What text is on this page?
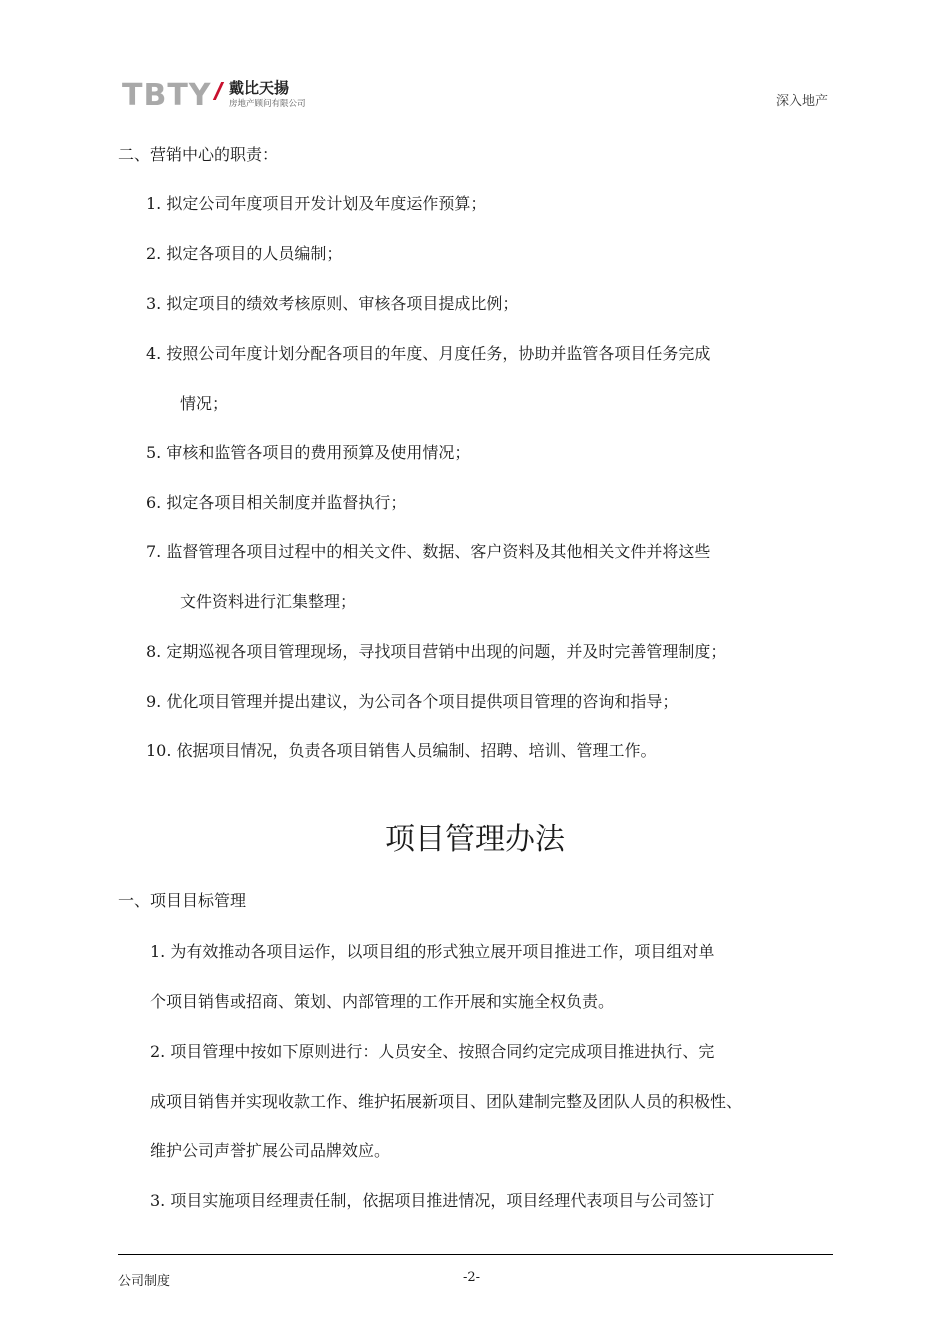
TBTY 戴比天揚
房地产顾问有限公司	深入地产
二、营销中心的职责：
1. 拟定公司年度项目开发计划及年度运作预算；
2. 拟定各项目的人员编制；
3. 拟定项目的绩效考核原则、审核各项目提成比例；
4. 按照公司年度计划分配各项目的年度、月度任务，协助并监管各项目任务完成
情况；
5. 审核和监管各项目的费用预算及使用情况；
6. 拟定各项目相关制度并监督执行；
7. 监督管理各项目过程中的相关文件、数据、客户资料及其他相关文件并将这些
文件资料进行汇集整理；
8. 定期巡视各项目管理现场，寻找项目营销中出现的问题，并及时完善管理制度；
9. 优化项目管理并提出建议，为公司各个项目提供项目管理的咨询和指导；
10. 依据项目情况，负责各项目销售人员编制、招聘、培训、管理工作。
项目管理办法
一、项目目标管理
1. 为有效推动各项目运作，以项目组的形式独立展开项目推进工作，项目组对单
个项目销售或招商、策划、内部管理的工作开展和实施全权负责。
2. 项目管理中按如下原则进行：人员安全、按照合同约定完成项目推进执行、完
成项目销售并实现收款工作、维护拓展新项目、团队建制完整及团队人员的积极性、
维护公司声誉扩展公司品牌效应。
3. 项目实施项目经理责任制，依据项目推进情况，项目经理代表项目与公司签订
公司制度	-2-
